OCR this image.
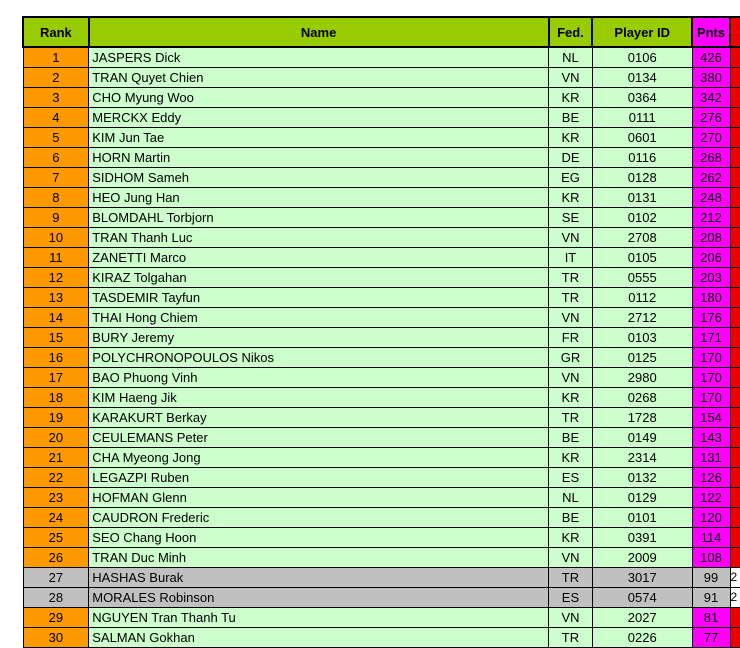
Rank	Name	Fed.	Player ID	Pnts	
1	JASPERS Dick	NL	0106	426	
2	TRAN Quyet Chien	VN	0134	380	
3	CHO Myung Woo	KR	0364	342	
4	MERCKX Eddy	BE	0111	276	
5	KIM Jun Tae	KR	0601	270	
6	HORN Martin	DE	0116	268	
7	SIDHOM Sameh	EG	0128	262	
8	HEO Jung Han	KR	0131	248	
9	BLOMDAHL Torbjorn	SE	0102	212	
10	TRAN Thanh Luc	VN	2708	208	
11	ZANETTI Marco	IT	0105	206	
12	KIRAZ Tolgahan	TR	0555	203	
13	TASDEMIR Tayfun	TR	0112	180	
14	THAI Hong Chiem	VN	2712	176	
15	BURY Jeremy	FR	0103	171	
16	POLYCHRONOPOULOS Nikos	GR	0125	170	
17	BAO Phuong Vinh	VN	2980	170	
18	KIM Haeng Jik	KR	0268	170	
19	KARAKURT Berkay	TR	1728	154	
20	CEULEMANS Peter	BE	0149	143	
21	CHA Myeong Jong	KR	2314	131	
22	LEGAZPI Ruben	ES	0132	126	
23	HOFMAN Glenn	NL	0129	122	
24	CAUDRON Frederic	BE	0101	120	
25	SEO Chang Hoon	KR	0391	114	
26	TRAN Duc Minh	VN	2009	108	
27	HASHAS Burak	TR	3017	99	2
28	MORALES Robinson	ES	0574	91	2
29	NGUYEN Tran Thanh Tu	VN	2027	81	
30	SALMAN Gokhan	TR	0226	77	
